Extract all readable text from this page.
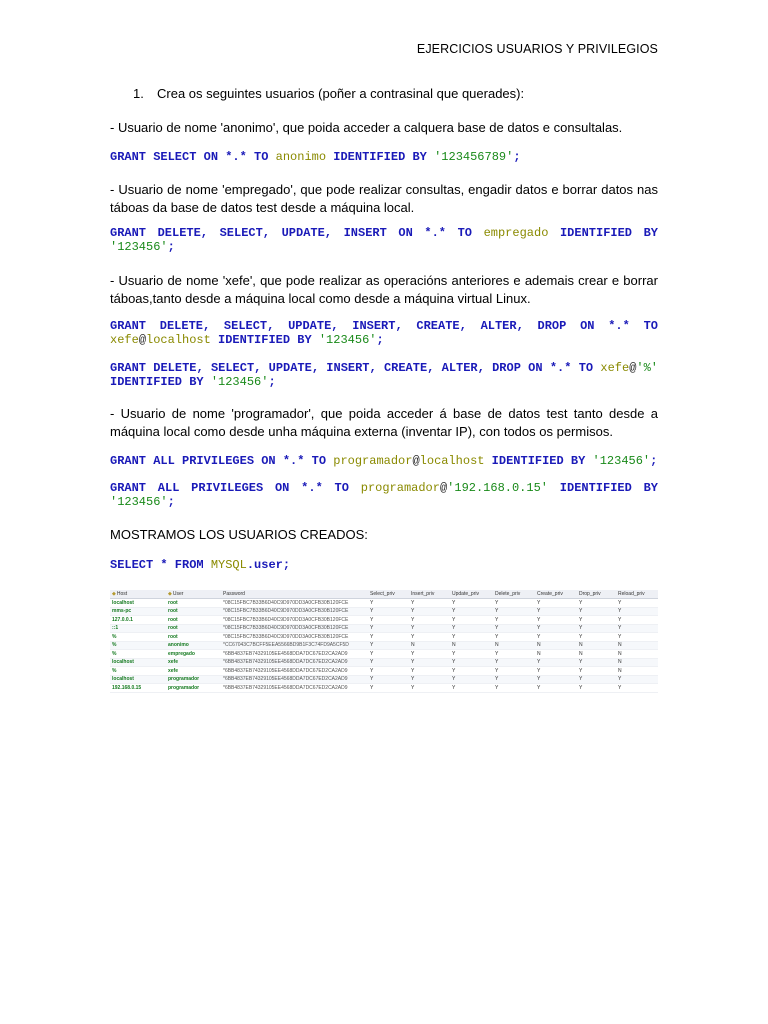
EJERCICIOS USUARIOS Y PRIVILEGIOS
1. Crea os seguintes usuarios (poñer a contrasinal que querades):
- Usuario de nome 'anonimo', que poida acceder a calquera base de datos e consultalas.
GRANT SELECT ON *.* TO anonimo IDENTIFIED BY '123456789';
- Usuario de nome 'empregado', que pode realizar consultas, engadir datos e borrar datos nas táboas da base de datos test desde a máquina local.
GRANT DELETE, SELECT, UPDATE, INSERT ON *.* TO empregado IDENTIFIED BY '123456';
- Usuario de nome 'xefe', que pode realizar as operacións anteriores e ademais crear e borrar táboas,tanto desde a máquina local como desde a máquina virtual Linux.
GRANT DELETE, SELECT, UPDATE, INSERT, CREATE, ALTER, DROP ON *.* TO xefe@localhost IDENTIFIED BY '123456';
GRANT DELETE, SELECT, UPDATE, INSERT, CREATE, ALTER, DROP ON *.* TO xefe@'%' IDENTIFIED BY '123456';
- Usuario de nome 'programador', que poida acceder á base de datos test tanto desde a máquina local como desde unha máquina externa (inventar IP), con todos os permisos.
GRANT ALL PRIVILEGES ON *.* TO programador@localhost IDENTIFIED BY '123456';
GRANT ALL PRIVILEGES ON *.* TO programador@'192.168.0.15' IDENTIFIED BY '123456';
MOSTRAMOS LOS USUARIOS CREADOS:
SELECT * FROM MYSQL.user;
◆Host	◆User	Password	Select_priv	Insert_priv	Update_priv	Delete_priv	Create_priv	Drop_priv	Reload_priv
localhost	root	*08C15FBC7B33B6D40C9D970DD3A0CFB30B120FCE	Y	Y	Y	Y	Y	Y	Y
mms-pc	root	*08C15FBC7B33B6D40C9D970DD3A0CFB30B120FCE	Y	Y	Y	Y	Y	Y	Y
127.0.0.1	root	*08C15FBC7B33B6D40C9D970DD3A0CFB30B120FCE	Y	Y	Y	Y	Y	Y	Y
::1	root	*08C15FBC7B33B6D40C9D970DD3A0CFB30B120FCE	Y	Y	Y	Y	Y	Y	Y
%	root	*08C15FBC7B33B6D40C9D970DD3A0CFB30B120FCE	Y	Y	Y	Y	Y	Y	Y
%	anonimo	*CC67043C7BCFF5EEA5566BD9B1F3C74FD9A5CF5D	Y	N	N	N	N	N	N
%	empregado	*6BB4837EB74329105EE4568DDA7DC67ED2CA2AD9	Y	Y	Y	Y	N	N	N
localhost	xefe	*6BB4837EB74329105EE4568DDA7DC67ED2CA2AD9	Y	Y	Y	Y	Y	Y	N
%	xefe	*6BB4837EB74329105EE4568DDA7DC67ED2CA2AD9	Y	Y	Y	Y	Y	Y	N
localhost	programador	*6BB4837EB74329105EE4568DDA7DC67ED2CA2AD9	Y	Y	Y	Y	Y	Y	Y
192.168.0.15	programador	*6BB4837EB74329105EE4568DDA7DC67ED2CA2AD9	Y	Y	Y	Y	Y	Y	Y
